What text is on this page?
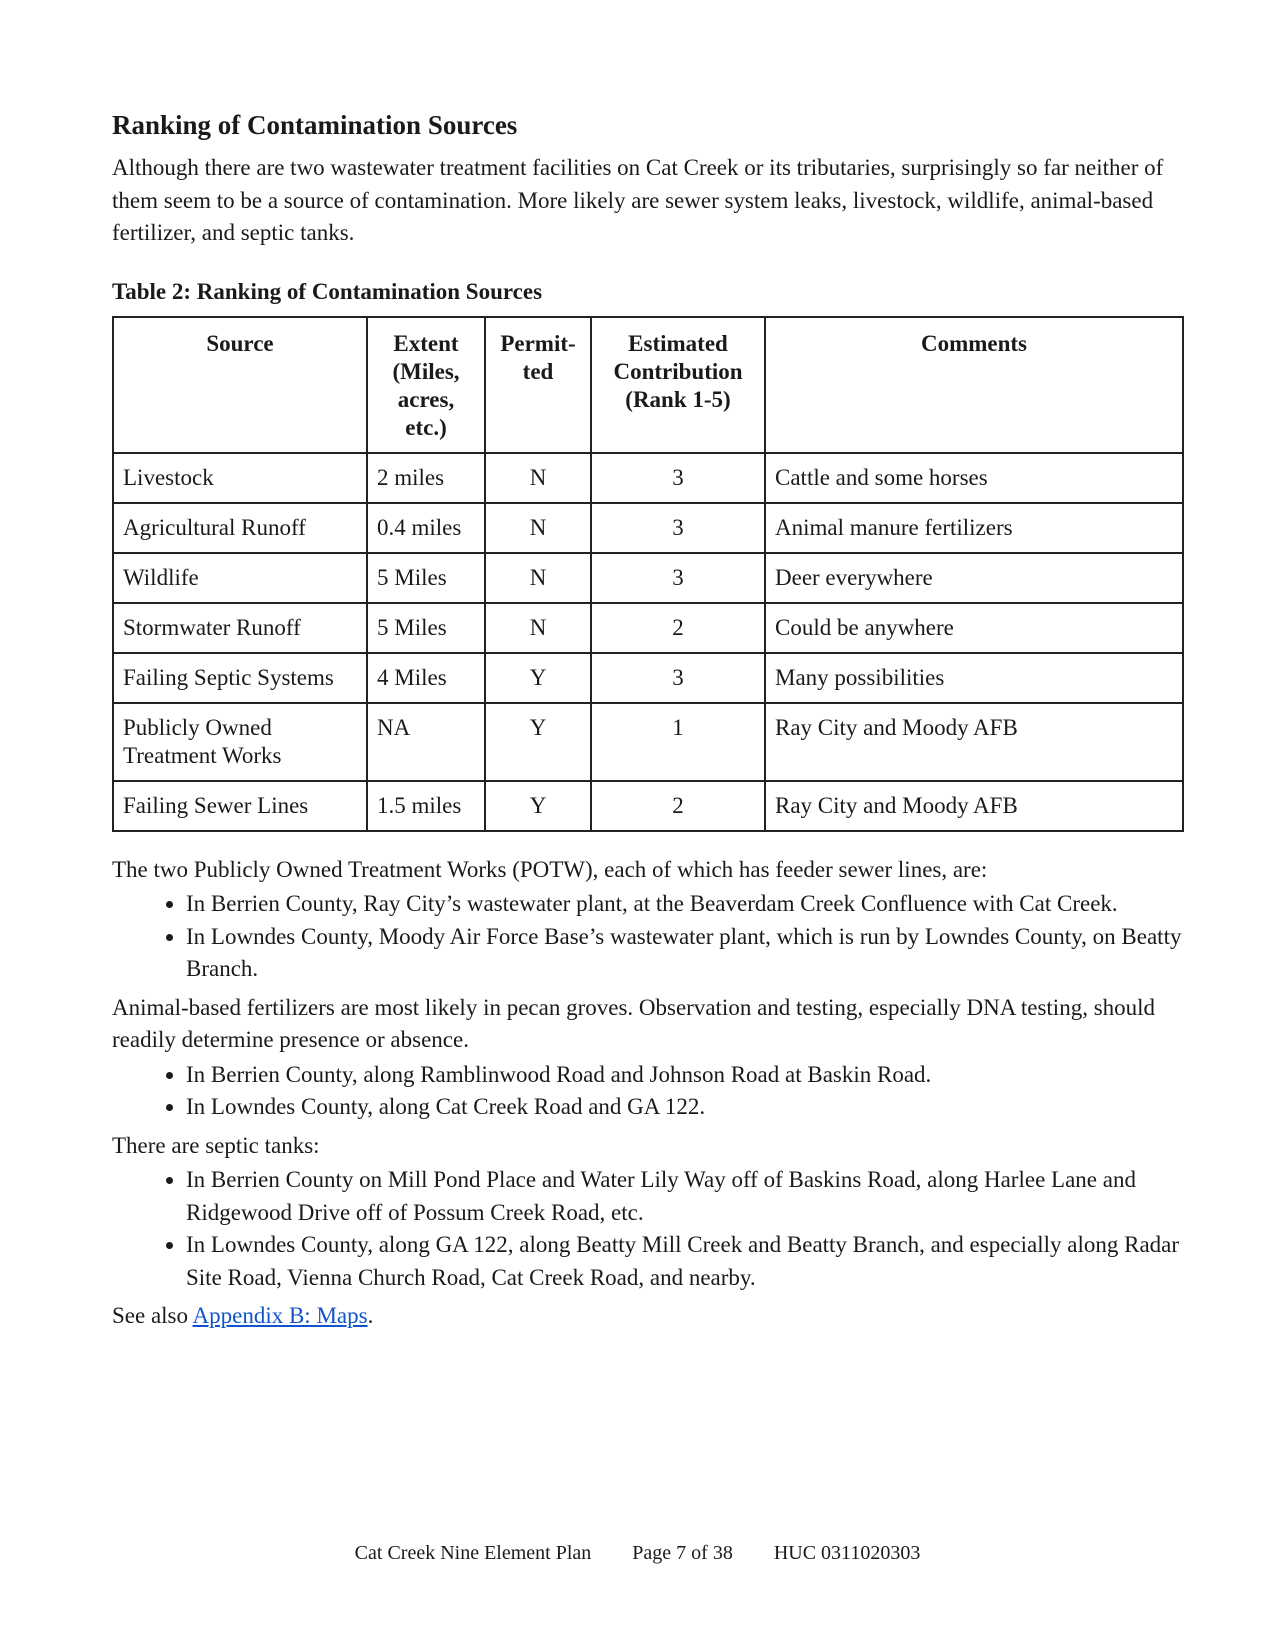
Ranking of Contamination Sources

Although there are two wastewater treatment facilities on Cat Creek or its tributaries, surprisingly so far neither of them seem to be a source of contamination. More likely are sewer system leaks, livestock, wildlife, animal-based fertilizer, and septic tanks.

Table 2: Ranking of Contamination Sources
Source	Extent (Miles, acres, etc.)	Permit- ted	Estimated Contribution (Rank 1-5)	Comments
Livestock	2 miles	N	3	Cattle and some horses
Agricultural Runoff	0.4 miles	N	3	Animal manure fertilizers
Wildlife	5 Miles	N	3	Deer everywhere
Stormwater Runoff	5 Miles	N	2	Could be anywhere
Failing Septic Systems	4 Miles	Y	3	Many possibilities
Publicly Owned Treatment Works	NA	Y	1	Ray City and Moody AFB
Failing Sewer Lines	1.5 miles	Y	2	Ray City and Moody AFB

The two Publicly Owned Treatment Works (POTW), each of which has feeder sewer lines, are:

• In Berrien County, Ray City’s wastewater plant, at the Beaverdam Creek Confluence with Cat Creek.
• In Lowndes County, Moody Air Force Base’s wastewater plant, which is run by Lowndes County, on Beatty Branch.

Animal-based fertilizers are most likely in pecan groves. Observation and testing, especially DNA testing, should readily determine presence or absence.

• In Berrien County, along Ramblinwood Road and Johnson Road at Baskin Road.
• In Lowndes County, along Cat Creek Road and GA 122.

There are septic tanks:

• In Berrien County on Mill Pond Place and Water Lily Way off of Baskins Road, along Harlee Lane and Ridgewood Drive off of Possum Creek Road, etc.
• In Lowndes County, along GA 122, along Beatty Mill Creek and Beatty Branch, and especially along Radar Site Road, Vienna Church Road, Cat Creek Road, and nearby.

See also Appendix B: Maps.

Cat Creek Nine Element Plan Page 7 of 38 HUC 0311020303
